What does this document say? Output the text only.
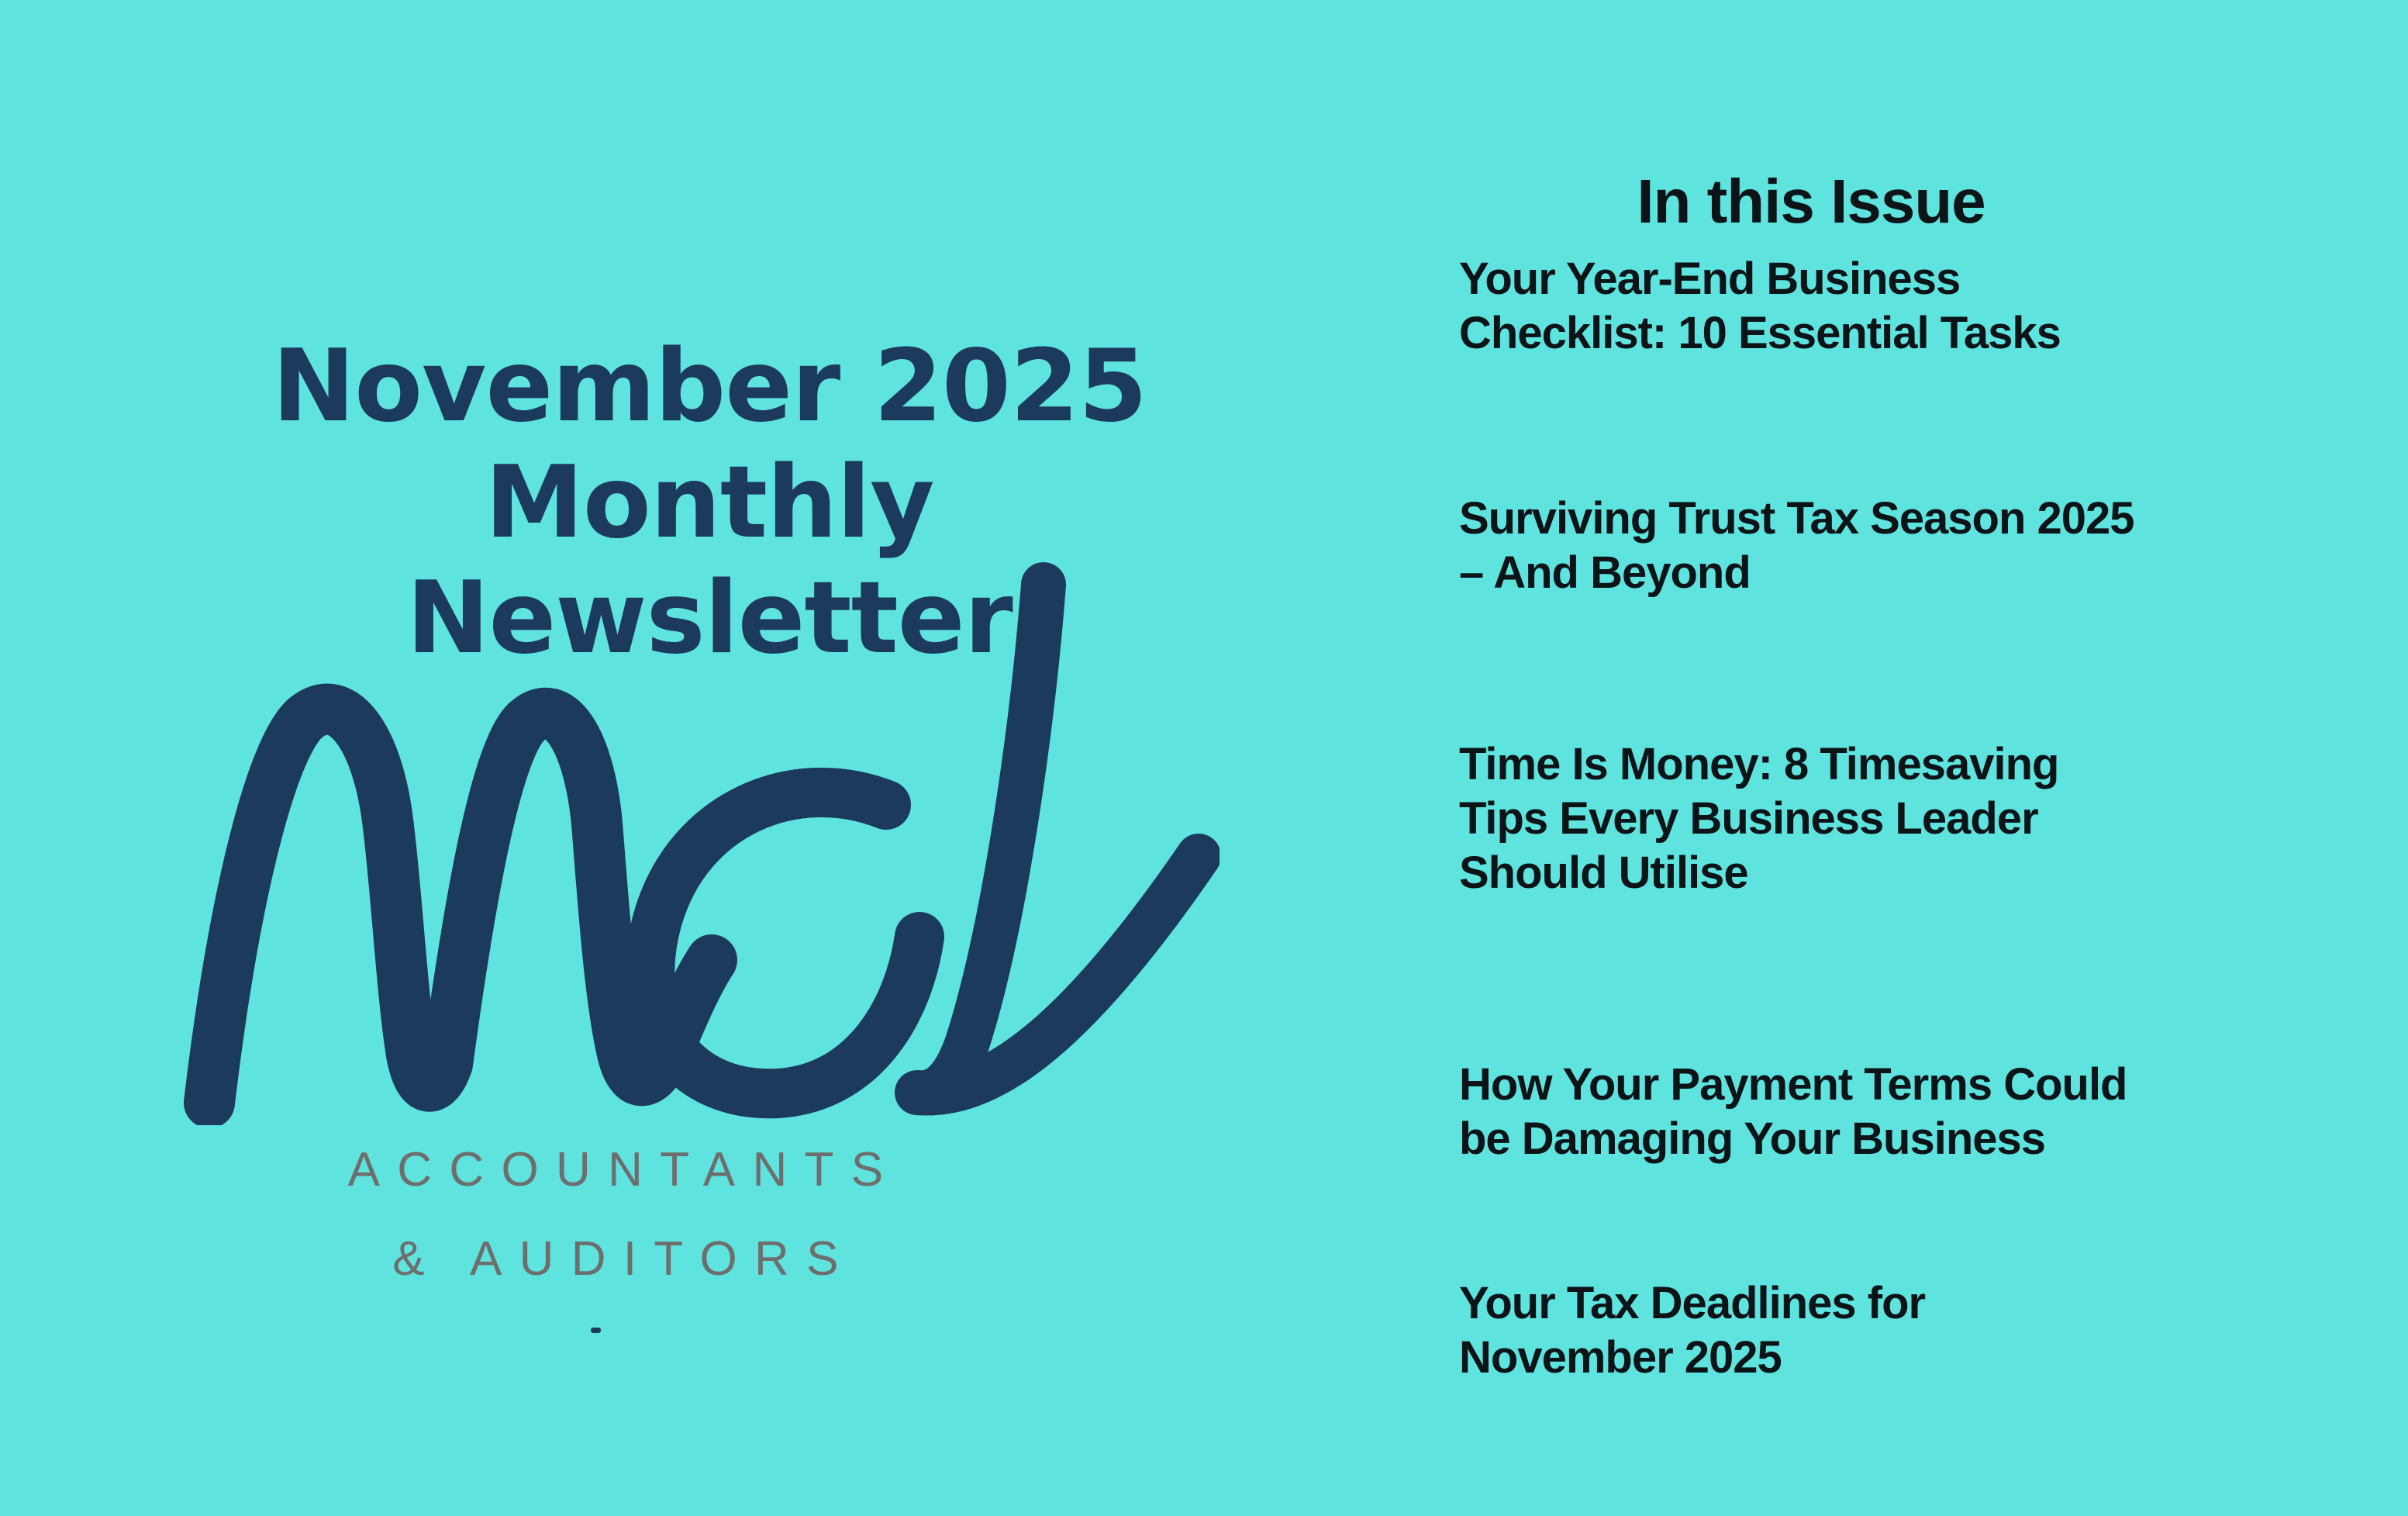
November 2025
Monthly Newsletter
ACCOUNTANTS
& AUDITORS
In this Issue
Your Year-End Business
Checklist: 10 Essential Tasks
Surviving Trust Tax Season 2025
– And Beyond
Time Is Money: 8 Timesaving
Tips Every Business Leader
Should Utilise
How Your Payment Terms Could
be Damaging Your Business
Your Tax Deadlines for
November 2025
